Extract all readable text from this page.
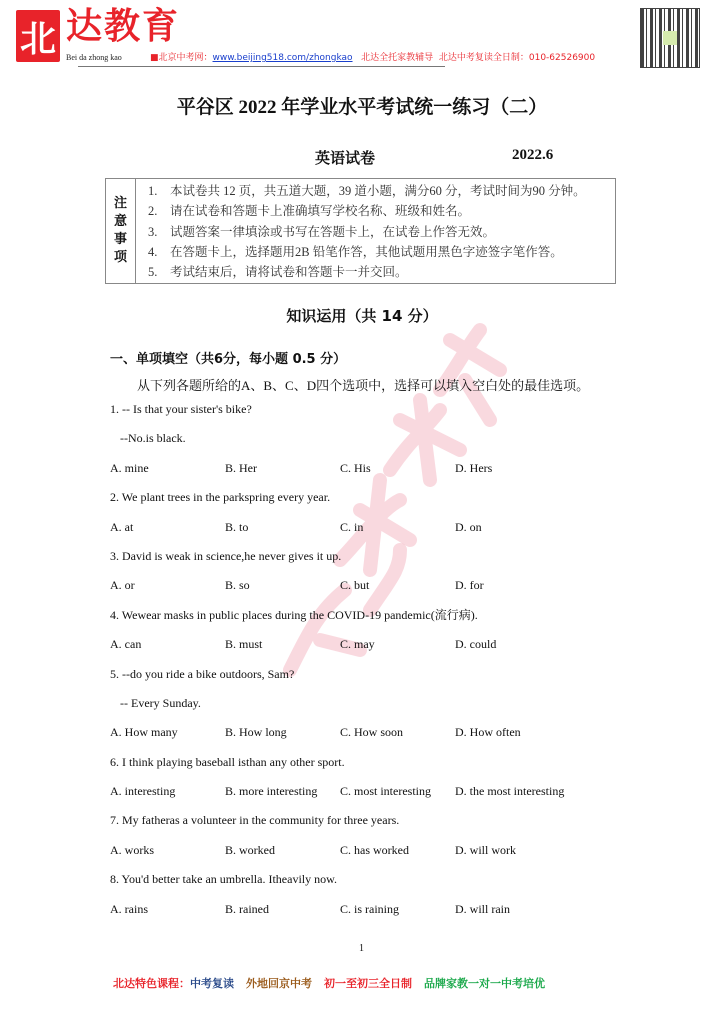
北 达教育
Bei da zhong kao	■北京中考网：www.beijing518.com/zhongkao 北达全托家教辅导 北达中考复读全日制：010-62526900
平谷区 2022 年学业水平考试统一练习（二）
英语试卷	2022.6
注
意
事
项
1. 本试卷共 12 页，共五道大题，39 道小题，满分60 分，考试时间为90 分钟。
2. 请在试卷和答题卡上准确填写学校名称、班级和姓名。
3. 试题答案一律填涂或书写在答题卡上，在试卷上作答无效。
4. 在答题卡上，选择题用2B 铅笔作答，其他试题用黑色字迹签字笔作答。
5. 考试结束后，请将试卷和答题卡一并交回。
知识运用（共 14 分）
一、单项填空（共6分，每小题 0.5 分）
从下列各题所给的A、B、C、D四个选项中，选择可以填入空白处的最佳选项。
1. -- Is that your sister's bike?
--No.is black.
A. mine	B. Her	C. His	D. Hers
2. We plant trees in the parkspring every year.
A. at	B. to	C. in	D. on
3. David is weak in science,he never gives it up.
A. or	B. so	C. but	D. for
4. Wewear masks in public places during the COVID-19 pandemic(流行病).
A. can	B. must	C. may	D. could
5. --do you ride a bike outdoors, Sam?
-- Every Sunday.
A. How many	B. How long	C. How soon	D. How often
6. I think playing baseball isthan any other sport.
A. interesting	B. more interesting	C. most interesting	D. the most interesting
7. My fatheras a volunteer in the community for three years.
A. works	B. worked	C. has worked	D. will work
8. You'd better take an umbrella. Itheavily now.
A. rains	B. rained	C. is raining	D. will rain
1
北达特色课程：中考复读 外地回京中考 初一至初三全日制 品牌家教一对一中考培优
